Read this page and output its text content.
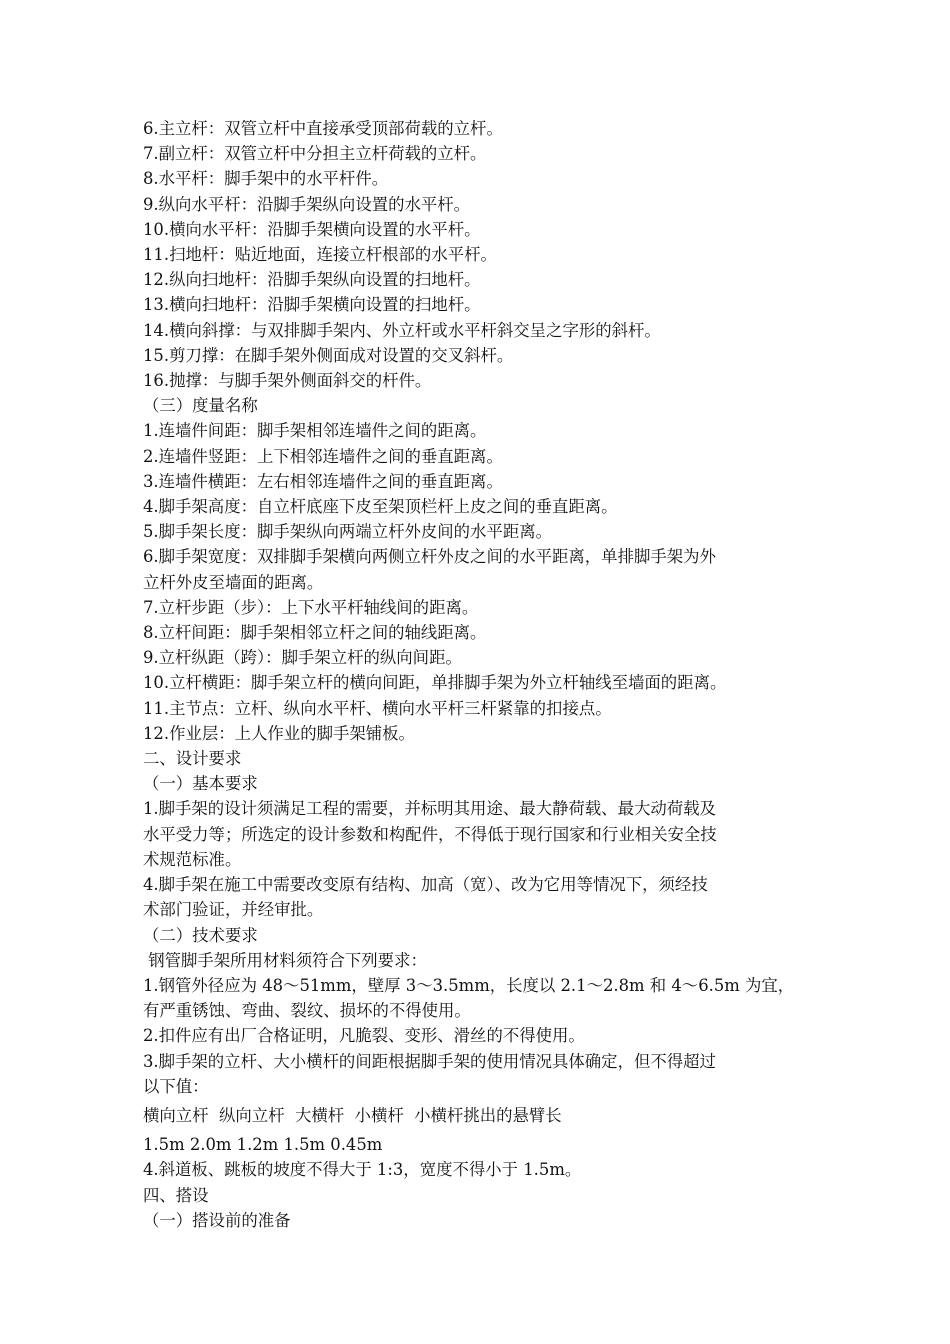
6.主立杆：双管立杆中直接承受顶部荷载的立杆。

7.副立杆：双管立杆中分担主立杆荷载的立杆。

8.水平杆：脚手架中的水平杆件。

9.纵向水平杆：沿脚手架纵向设置的水平杆。

10.横向水平杆：沿脚手架横向设置的水平杆。

11.扫地杆：贴近地面，连接立杆根部的水平杆。

12.纵向扫地杆：沿脚手架纵向设置的扫地杆。

13.横向扫地杆：沿脚手架横向设置的扫地杆。

14.横向斜撑：与双排脚手架内、外立杆或水平杆斜交呈之字形的斜杆。

15.剪刀撑：在脚手架外侧面成对设置的交叉斜杆。

16.抛撑：与脚手架外侧面斜交的杆件。

（三）度量名称

1.连墙件间距：脚手架相邻连墙件之间的距离。

2.连墙件竖距：上下相邻连墙件之间的垂直距离。

3.连墙件横距：左右相邻连墙件之间的垂直距离。

4.脚手架高度：自立杆底座下皮至架顶栏杆上皮之间的垂直距离。

5.脚手架长度：脚手架纵向两端立杆外皮间的水平距离。

6.脚手架宽度：双排脚手架横向两侧立杆外皮之间的水平距离，单排脚手架为外

立杆外皮至墙面的距离。

7.立杆步距（步）：上下水平杆轴线间的距离。

8.立杆间距：脚手架相邻立杆之间的轴线距离。

9.立杆纵距（跨）：脚手架立杆的纵向间距。

10.立杆横距：脚手架立杆的横向间距，单排脚手架为外立杆轴线至墙面的距离。

11.主节点：立杆、纵向水平杆、横向水平杆三杆紧靠的扣接点。

12.作业层：上人作业的脚手架铺板。

二、设计要求

（一）基本要求

1.脚手架的设计须满足工程的需要，并标明其用途、最大静荷载、最大动荷载及

水平受力等；所选定的设计参数和构配件，不得低于现行国家和行业相关安全技

术规范标准。

4.脚手架在施工中需要改变原有结构、加高（宽）、改为它用等情况下，须经技

术部门验证，并经审批。

（二）技术要求

钢管脚手架所用材料须符合下列要求：

1.钢管外径应为 48～51mm，壁厚 3～3.5mm，长度以 2.1～2.8m 和 4～6.5m 为宜，

有严重锈蚀、弯曲、裂纹、损坏的不得使用。

2.扣件应有出厂合格证明，凡脆裂、变形、滑丝的不得使用。

3.脚手架的立杆、大小横杆的间距根据脚手架的使用情况具体确定，但不得超过

以下值：

横向立杆  纵向立杆  大横杆  小横杆  小横杆挑出的悬臂长

1.5m 2.0m 1.2m 1.5m 0.45m

4.斜道板、跳板的坡度不得大于 1:3，宽度不得小于 1.5m。

四、搭设

（一）搭设前的准备
